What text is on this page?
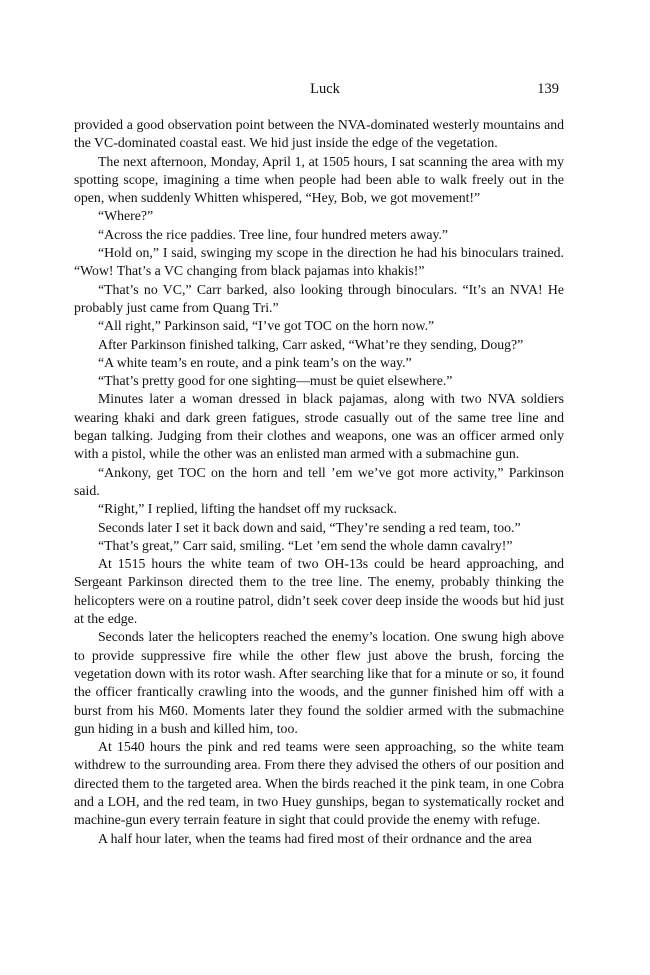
Luck	139

provided a good observation point between the NVA-dominated westerly mountains and the VC-dominated coastal east. We hid just inside the edge of the vegetation.

The next afternoon, Monday, April 1, at 1505 hours, I sat scanning the area with my spotting scope, imagining a time when people had been able to walk freely out in the open, when suddenly Whitten whispered, “Hey, Bob, we got movement!”

“Where?”

“Across the rice paddies. Tree line, four hundred meters away.”

“Hold on,” I said, swinging my scope in the direction he had his binoculars trained. “Wow! That’s a VC changing from black pajamas into khakis!”

“That’s no VC,” Carr barked, also looking through binoculars. “It’s an NVA! He probably just came from Quang Tri.”

“All right,” Parkinson said, “I’ve got TOC on the horn now.”

After Parkinson finished talking, Carr asked, “What’re they sending, Doug?”

“A white team’s en route, and a pink team’s on the way.”

“That’s pretty good for one sighting—must be quiet elsewhere.”

Minutes later a woman dressed in black pajamas, along with two NVA soldiers wearing khaki and dark green fatigues, strode casually out of the same tree line and began talking. Judging from their clothes and weapons, one was an officer armed only with a pistol, while the other was an enlisted man armed with a submachine gun.

“Ankony, get TOC on the horn and tell ’em we’ve got more activity,” Parkinson said.

“Right,” I replied, lifting the handset off my rucksack.

Seconds later I set it back down and said, “They’re sending a red team, too.”

“That’s great,” Carr said, smiling. “Let ’em send the whole damn cavalry!”

At 1515 hours the white team of two OH-13s could be heard approaching, and Sergeant Parkinson directed them to the tree line. The enemy, probably thinking the helicopters were on a routine patrol, didn’t seek cover deep inside the woods but hid just at the edge.

Seconds later the helicopters reached the enemy’s location. One swung high above to provide suppressive fire while the other flew just above the brush, forcing the vegetation down with its rotor wash. After searching like that for a minute or so, it found the officer frantically crawling into the woods, and the gunner finished him off with a burst from his M60. Moments later they found the soldier armed with the submachine gun hiding in a bush and killed him, too.

At 1540 hours the pink and red teams were seen approaching, so the white team withdrew to the surrounding area. From there they advised the others of our position and directed them to the targeted area. When the birds reached it the pink team, in one Cobra and a LOH, and the red team, in two Huey gunships, began to systematically rocket and machine-gun every terrain feature in sight that could provide the enemy with refuge.

A half hour later, when the teams had fired most of their ordnance and the area
